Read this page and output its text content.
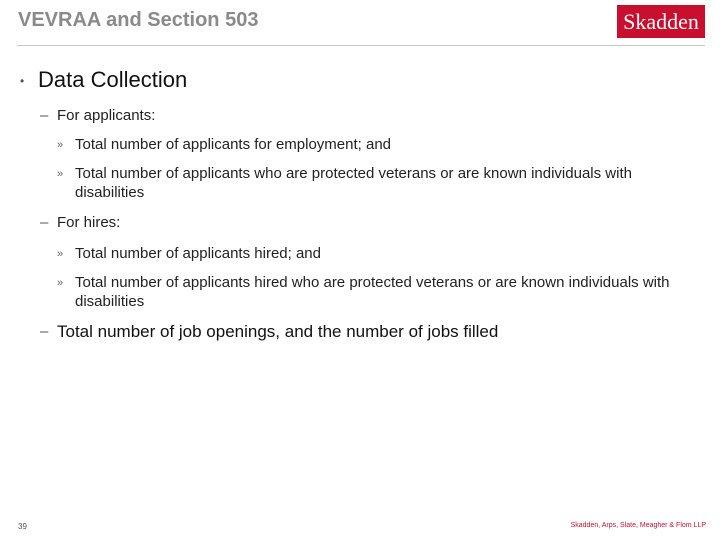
VEVRAA and Section 503	Skadden
• Data Collection
– For applicants:
» Total number of applicants for employment; and
» Total number of applicants who are protected veterans or are known individuals with disabilities
– For hires:
» Total number of applicants hired; and
» Total number of applicants hired who are protected veterans or are known individuals with disabilities
– Total number of job openings, and the number of jobs filled
39	Skadden, Arps, Slate, Meagher & Flom LLP
